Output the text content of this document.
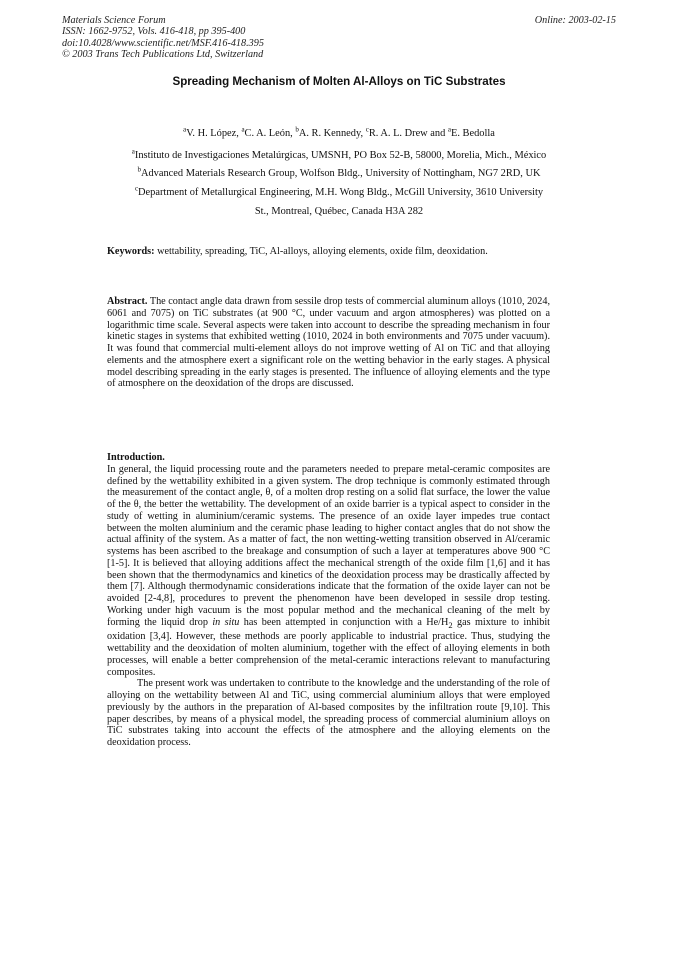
Materials Science Forum
ISSN: 1662-9752, Vols. 416-418, pp 395-400
doi:10.4028/www.scientific.net/MSF.416-418.395
© 2003 Trans Tech Publications Ltd, Switzerland
Online: 2003-02-15
Spreading Mechanism of Molten Al-Alloys on TiC Substrates
$^a$V. H. López, $^a$C. A. León, $^b$A. R. Kennedy, $^c$R. A. L. Drew and $^a$E. Bedolla
$^a$Instituto de Investigaciones Metalúrgicas, UMSNH, PO Box 52-B, 58000, Morelia, Mich., México
$^b$Advanced Materials Research Group, Wolfson Bldg., University of Nottingham, NG7 2RD, UK
$^c$Department of Metallurgical Engineering, M.H. Wong Bldg., McGill University, 3610 University
St., Montreal, Québec, Canada H3A 282
Keywords: wettability, spreading, TiC, Al-alloys, alloying elements, oxide film, deoxidation.

Abstract. The contact angle data drawn from sessile drop tests of commercial aluminum alloys (1010, 2024, 6061 and 7075) on TiC substrates (at 900 °C, under vacuum and argon atmospheres) was plotted on a logarithmic time scale. Several aspects were taken into account to describe the spreading mechanism in four kinetic stages in systems that exhibited wetting (1010, 2024 in both environments and 7075 under vacuum). It was found that commercial multi-element alloys do not improve wetting of Al on TiC and that alloying elements and the atmosphere exert a significant role on the wetting behavior in the early stages. A physical model describing spreading in the early stages is presented. The influence of alloying elements and the type of atmosphere on the deoxidation of the drops are discussed.

Introduction.

In general, the liquid processing route and the parameters needed to prepare metal-ceramic composites are defined by the wettability exhibited in a given system. The drop technique is commonly estimated through the measurement of the contact angle, θ, of a molten drop resting on a solid flat surface, the lower the value of the θ, the better the wettability. The development of an oxide barrier is a typical aspect to consider in the study of wetting in aluminium/ceramic systems. The presence of an oxide layer impedes true contact between the molten aluminium and the ceramic phase leading to higher contact angles that do not show the actual affinity of the system. As a matter of fact, the non wetting-wetting transition observed in Al/ceramic systems has been ascribed to the breakage and consumption of such a layer at temperatures above 900 °C [1-5]. It is believed that alloying additions affect the mechanical strength of the oxide film [1,6] and it has been shown that the thermodynamics and kinetics of the deoxidation process may be drastically affected by them [7]. Although thermodynamic considerations indicate that the formation of the oxide layer can not be avoided [2-4,8], procedures to prevent the phenomenon have been developed in sessile drop testing. Working under high vacuum is the most popular method and the mechanical cleaning of the melt by forming the liquid drop in situ has been attempted in conjunction with a $He/H_2$ gas mixture to inhibit oxidation [3,4]. However, these methods are poorly applicable to industrial practice. Thus, studying the wettability and the deoxidation of molten aluminium, together with the effect of alloying elements in both processes, will enable a better comprehension of the metal-ceramic interactions relevant to manufacturing composites.

The present work was undertaken to contribute to the knowledge and the understanding of the role of alloying on the wettability between Al and TiC, using commercial aluminium alloys that were employed previously by the authors in the preparation of Al-based composites by the infiltration route [9,10]. This paper describes, by means of a physical model, the spreading process of commercial aluminium alloys on TiC substrates taking into account the effects of the atmosphere and the alloying elements on the deoxidation process.
